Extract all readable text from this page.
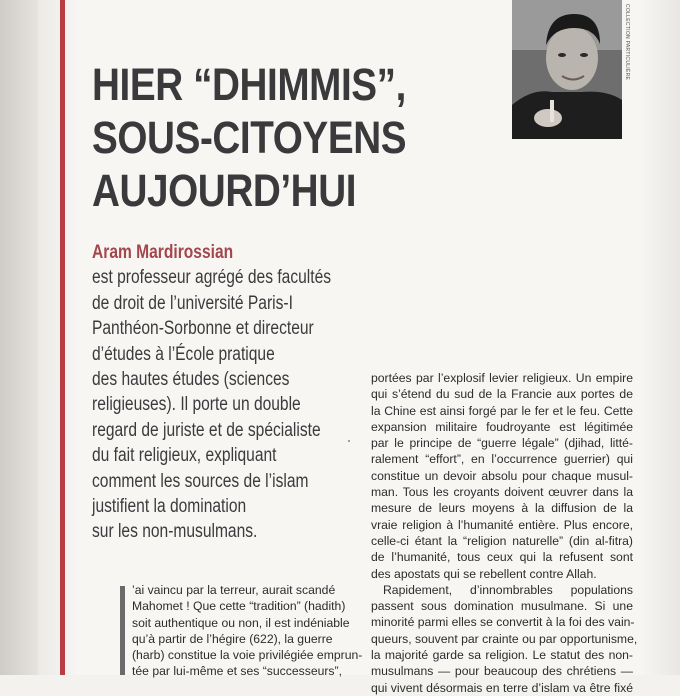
HIER “DHIMMIS”,
SOUS-CITOYENS
AUJOURD’HUI
COLLECTION PARTICULIÈRE
Aram Mardirossian
est professeur agrégé des facultés
de droit de l’université Paris-I
Panthéon-Sorbonne et directeur
d’études à l’École pratique
des hautes études (sciences
religieuses). Il porte un double
regard de juriste et de spécialiste
du fait religieux, expliquant
comment les sources de l’islam
justifient la domination
sur les non-musulmans.
’ai vaincu par la terreur, aurait scandé
Mahomet ! Que cette “tradition” (hadith)
soit authentique ou non, il est indéniable
qu’à partir de l’hégire (622), la guerre
(harb) constitue la voie privilégiée emprun-
tée par lui-même et ses “successeurs”,
portées par l’explosif levier religieux. Un empire
qui s’étend du sud de la Francie aux portes de
la Chine est ainsi forgé par le fer et le feu. Cette
expansion militaire foudroyante est légitimée
par le principe de “guerre légale” (djihad, litté-
ralement “effort”, en l’occurrence guerrier) qui
constitue un devoir absolu pour chaque musul-
man. Tous les croyants doivent œuvrer dans la
mesure de leurs moyens à la diffusion de la
vraie religion à l’humanité entière. Plus encore,
celle-ci étant la “religion naturelle” (din al-fitra)
de l’humanité, tous ceux qui la refusent sont
des apostats qui se rebellent contre Allah.
Rapidement, d’innombrables populations
passent sous domination musulmane. Si une
minorité parmi elles se convertit à la foi des vain-
queurs, souvent par crainte ou par opportunisme,
la majorité garde sa religion. Le statut des non-
musulmans — pour beaucoup des chrétiens —
qui vivent désormais en terre d’islam va être fixé
